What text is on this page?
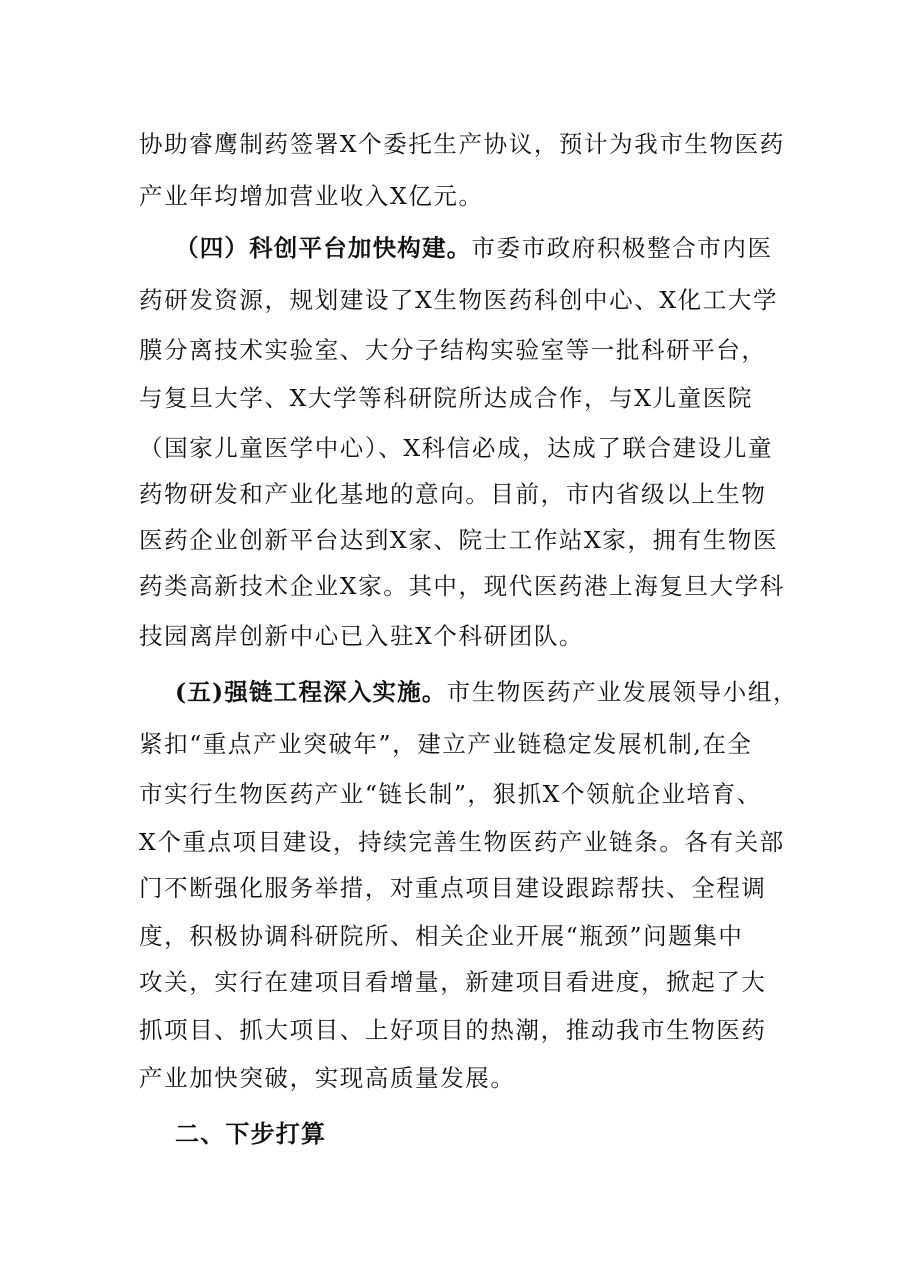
协助睿鹰制药签署X个委托生产协议，预计为我市生物医药
产业年均增加营业收入X亿元。
（四）科创平台加快构建。市委市政府积极整合市内医
药研发资源，规划建设了X生物医药科创中心、X化工大学
膜分离技术实验室、大分子结构实验室等一批科研平台，
与复旦大学、X大学等科研院所达成合作，与X儿童医院
（国家儿童医学中心）、X科信必成，达成了联合建设儿童
药物研发和产业化基地的意向。目前，市内省级以上生物
医药企业创新平台达到X家、院士工作站X家，拥有生物医
药类高新技术企业X家。其中，现代医药港上海复旦大学科
技园离岸创新中心已入驻X个科研团队。
(五)强链工程深入实施。市生物医药产业发展领导小组，
紧扣“重点产业突破年”，建立产业链稳定发展机制,在全
市实行生物医药产业“链长制”，狠抓X个领航企业培育、
X个重点项目建设，持续完善生物医药产业链条。各有关部
门不断强化服务举措，对重点项目建设跟踪帮扶、全程调
度，积极协调科研院所、相关企业开展“瓶颈”问题集中
攻关，实行在建项目看增量，新建项目看进度，掀起了大
抓项目、抓大项目、上好项目的热潮，推动我市生物医药
产业加快突破，实现高质量发展。
二、下步打算
